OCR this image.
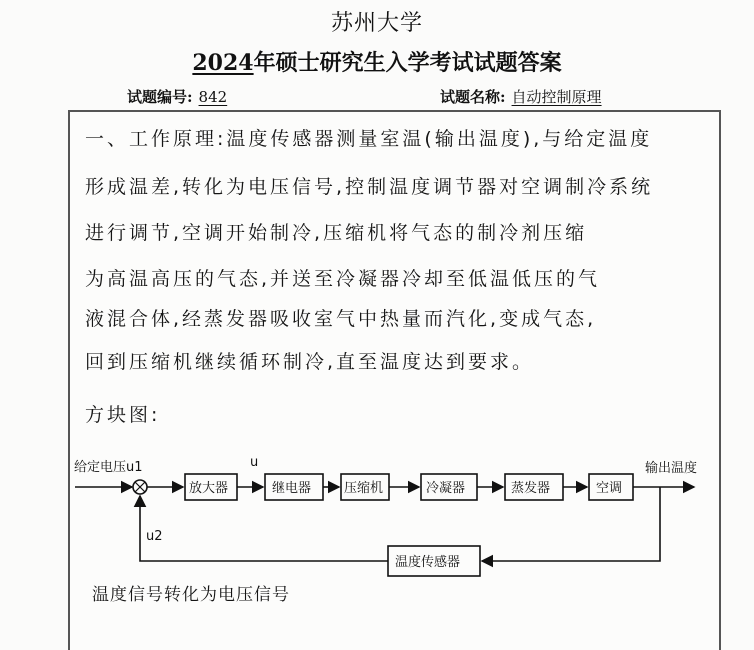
苏州大学
2024年硕士研究生入学考试试题答案
试题编号: 842	试题名称: 自动控制原理
一、工作原理:温度传感器测量室温(输出温度),与给定温度
形成温差,转化为电压信号,控制温度调节器对空调制冷系统
进行调节,空调开始制冷,压缩机将气态的制冷剂压缩
为高温高压的气态,并送至冷凝器冷却至低温低压的气
液混合体,经蒸发器吸收室气中热量而汽化,变成气态,
回到压缩机继续循环制冷,直至温度达到要求。
方块图:
给定电压u1
放大器
u
继电器	压缩机	冷凝器	蒸发器	空调
输出温度
温度传感器
u2
温度信号转化为电压信号
